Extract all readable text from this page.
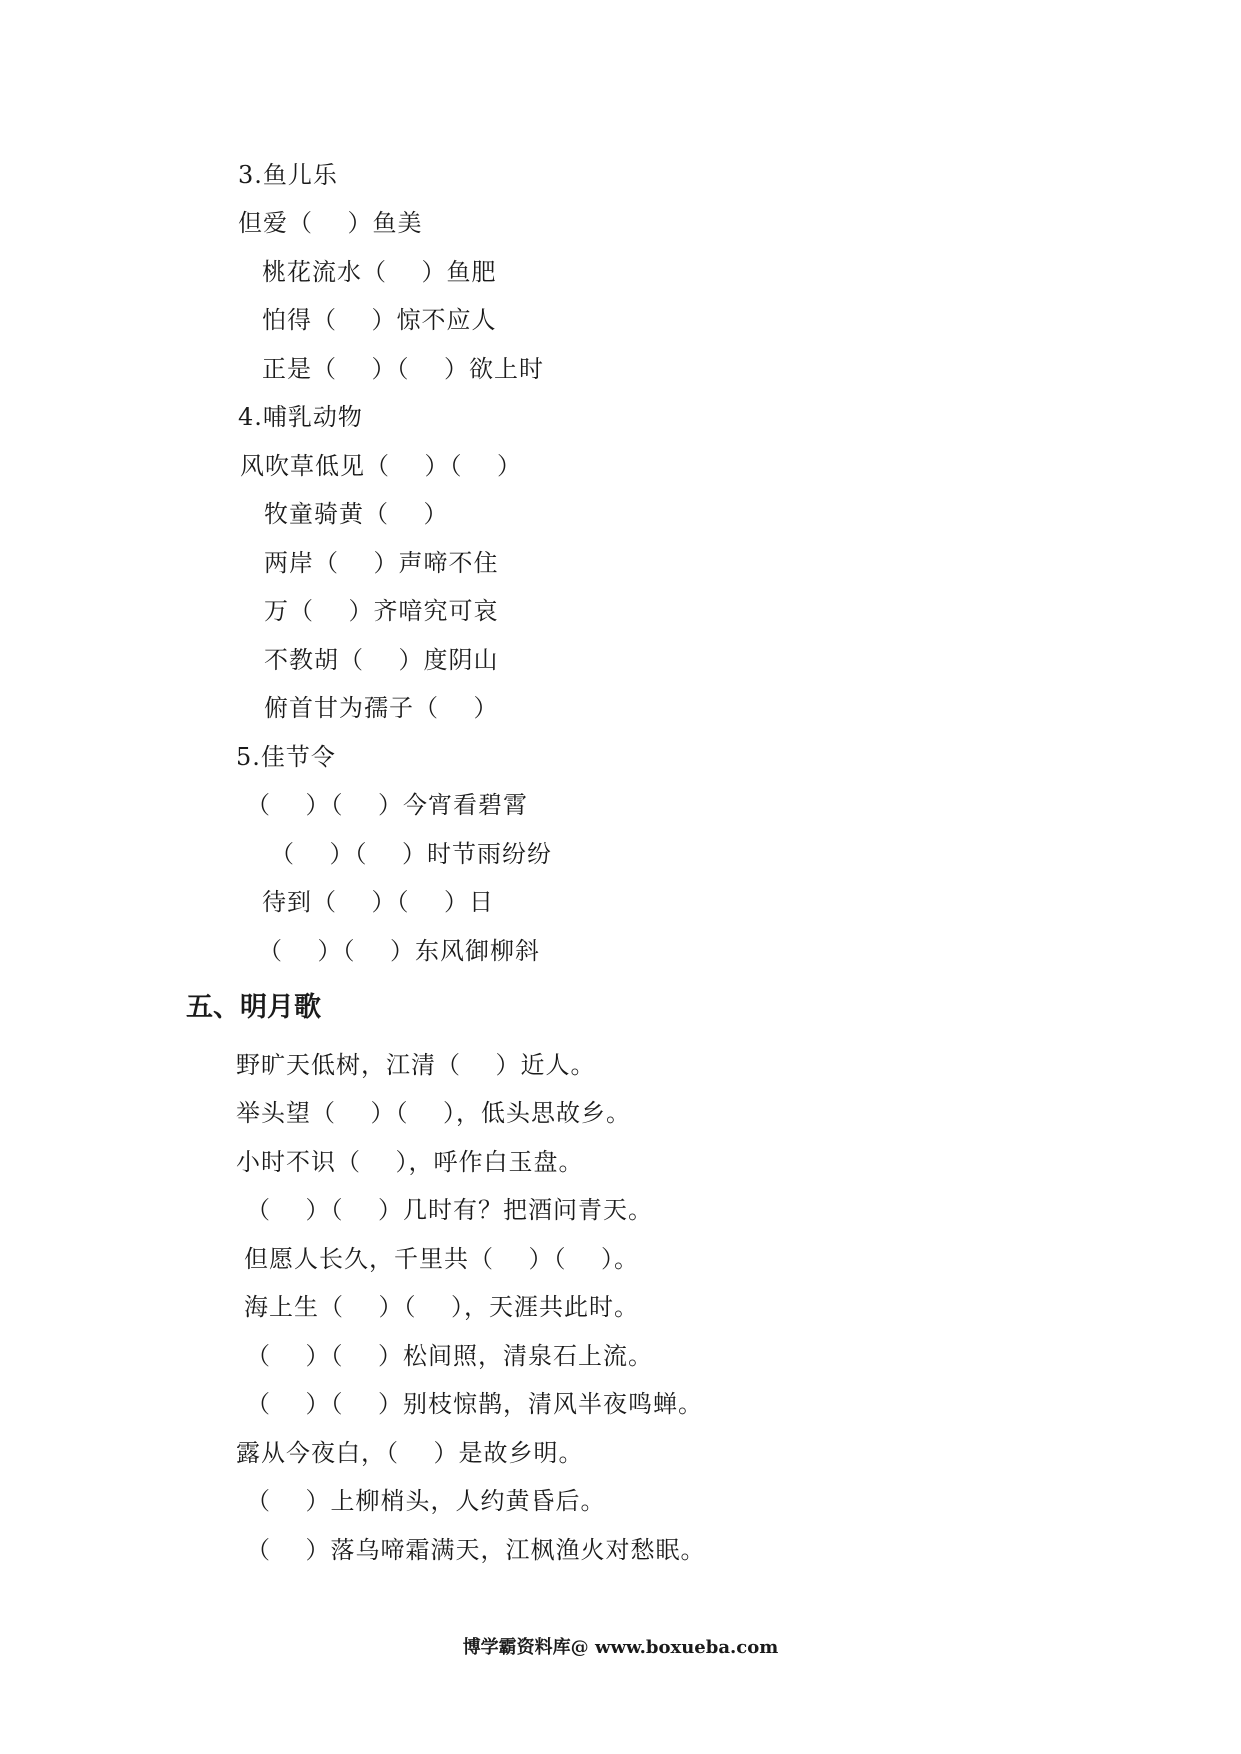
3.鱼儿乐
但爱（    ）鱼美
桃花流水（    ）鱼肥
怕得（    ）惊不应人
正是（    ）（    ）欲上时
4.哺乳动物
风吹草低见（    ）（    ）
牧童骑黄（    ）
两岸（    ）声啼不住
万（    ）齐喑究可哀
不教胡（    ）度阴山
俯首甘为孺子（    ）
5.佳节令
（    ）（    ）今宵看碧霄
（    ）（    ）时节雨纷纷
待到（    ）（    ）日
（    ）（    ）东风御柳斜
五、明月歌
野旷天低树，江清（    ）近人。
举头望（    ）（    ），低头思故乡。
小时不识（    ），呼作白玉盘。
（    ）（    ）几时有？把酒问青天。
但愿人长久，千里共（    ）（    ）。
海上生（    ）（    ），天涯共此时。
（    ）（    ）松间照，清泉石上流。
（    ）（    ）别枝惊鹊，清风半夜鸣蝉。
露从今夜白，（    ）是故乡明。
（    ）上柳梢头，人约黄昏后。
（    ）落乌啼霜满天，江枫渔火对愁眠。
博学霸资料库@ www.boxueba.com
